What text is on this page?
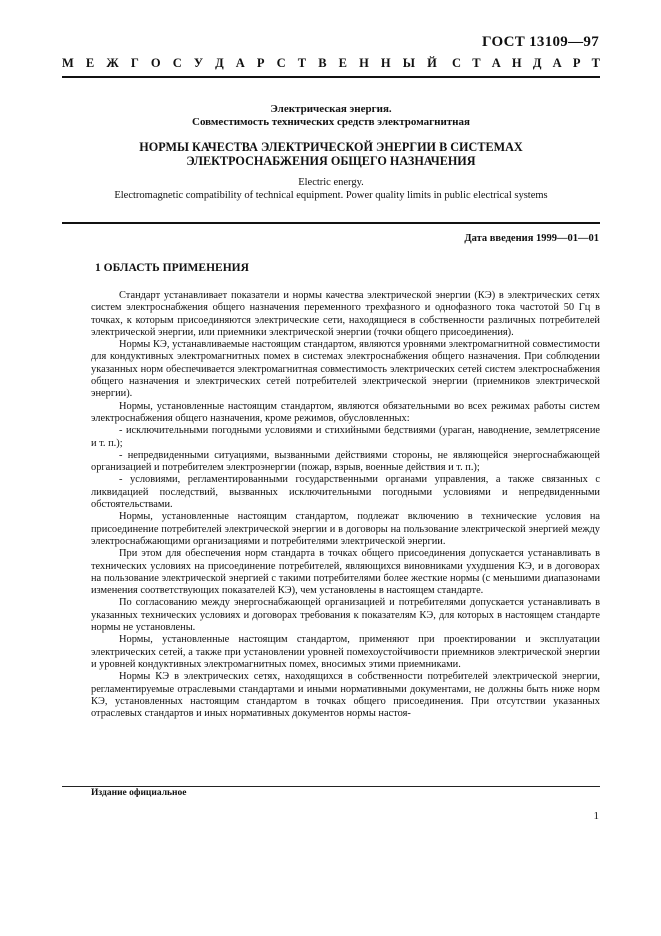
ГОСТ 13109—97
М Е Ж Г О С У Д А Р С Т В Е Н Н Ы Й С Т А Н Д А Р Т
Электрическая энергия.
Совместимость технических средств электромагнитная
НОРМЫ КАЧЕСТВА ЭЛЕКТРИЧЕСКОЙ ЭНЕРГИИ В СИСТЕМАХ
ЭЛЕКТРОСНАБЖЕНИЯ ОБЩЕГО НАЗНАЧЕНИЯ
Electric energy.
Electromagnetic compatibility of technical equipment. Power quality limits in public electrical systems
Дата введения 1999—01—01
1 ОБЛАСТЬ ПРИМЕНЕНИЯ

Стандарт устанавливает показатели и нормы качества электрической энергии (КЭ) в электрических сетях систем электроснабжения общего назначения переменного трехфазного и однофазного тока частотой 50 Гц в точках, к которым присоединяются электрические сети, находящиеся в собственности различных потребителей электрической энергии, или приемники электрической энергии (точки общего присоединения).

Нормы КЭ, устанавливаемые настоящим стандартом, являются уровнями электромагнитной совместимости для кондуктивных электромагнитных помех в системах электроснабжения общего назначения. При соблюдении указанных норм обеспечивается электромагнитная совместимость электрических сетей систем электроснабжения общего назначения и электрических сетей потребителей электрической энергии (приемников электрической энергии).

Нормы, установленные настоящим стандартом, являются обязательными во всех режимах работы систем электроснабжения общего назначения, кроме режимов, обусловленных:

- исключительными погодными условиями и стихийными бедствиями (ураган, наводнение, землетрясение и т. п.);

- непредвиденными ситуациями, вызванными действиями стороны, не являющейся энергоснабжающей организацией и потребителем электроэнергии (пожар, взрыв, военные действия и т. п.);

- условиями, регламентированными государственными органами управления, а также связанных с ликвидацией последствий, вызванных исключительными погодными условиями и непредвиденными обстоятельствами.

Нормы, установленные настоящим стандартом, подлежат включению в технические условия на присоединение потребителей электрической энергии и в договоры на пользование электрической энергией между электроснабжающими организациями и потребителями электрической энергии.

При этом для обеспечения норм стандарта в точках общего присоединения допускается устанавливать в технических условиях на присоединение потребителей, являющихся виновниками ухудшения КЭ, и в договорах на пользование электрической энергией с такими потребителями более жесткие нормы (с меньшими диапазонами изменения соответствующих показателей КЭ), чем установлены в настоящем стандарте.

По согласованию между энергоснабжающей организацией и потребителями допускается устанавливать в указанных технических условиях и договорах требования к показателям КЭ, для которых в настоящем стандарте нормы не установлены.

Нормы, установленные настоящим стандартом, применяют при проектировании и эксплуатации электрических сетей, а также при установлении уровней помехоустойчивости приемников электрической энергии и уровней кондуктивных электромагнитных помех, вносимых этими приемниками.

Нормы КЭ в электрических сетях, находящихся в собственности потребителей электрической энергии, регламентируемые отраслевыми стандартами и иными нормативными документами, не должны быть ниже норм КЭ, установленных настоящим стандартом в точках общего присоединения. При отсутствии указанных отраслевых стандартов и иных нормативных документов нормы настоя-

Издание официальное
1
